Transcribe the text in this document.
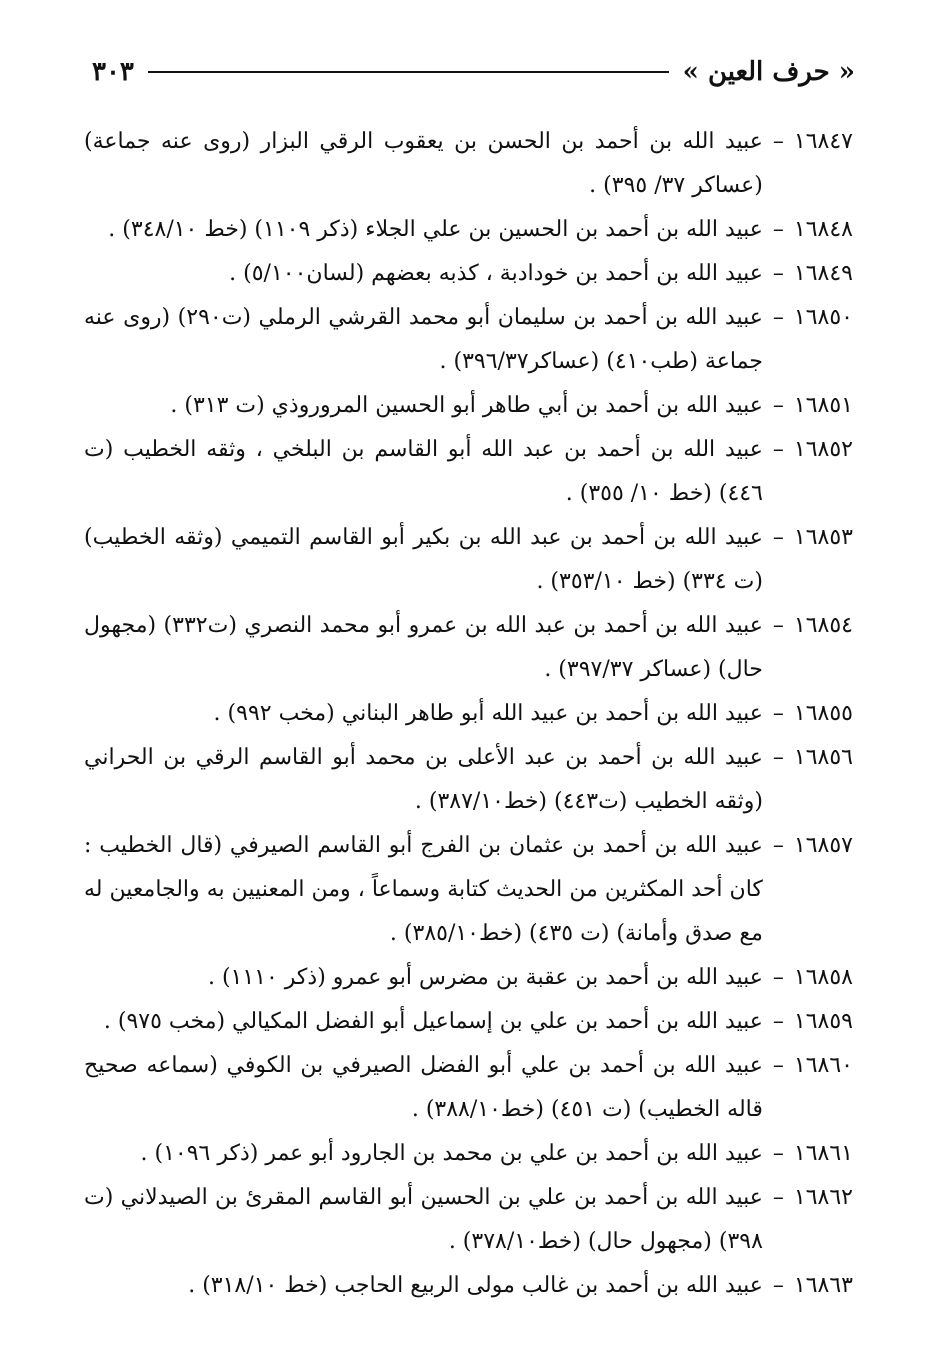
« حرف العين »
٣٠٣
١٦٨٤٧
–
عبيد الله بن أحمد بن الحسن بن يعقوب الرقي البزار (روى عنه جماعة) (عساكر ٣٧/ ٣٩٥) .
١٦٨٤٨
–
عبيد الله بن أحمد بن الحسين بن علي الجلاء (ذكر ١١٠٩) (خط ٣٤٨/١٠) .
١٦٨٤٩
–
عبيد الله بن أحمد بن خودادبة ، كذبه بعضهم (لسان٥/١٠٠) .
١٦٨٥٠
–
عبيد الله بن أحمد بن سليمان أبو محمد القرشي الرملي (ت٢٩٠) (روى عنه جماعة (طب٤١٠) (عساكر٣٩٦/٣٧) .
١٦٨٥١
–
عبيد الله بن أحمد بن أبي طاهر أبو الحسين المروروذي (ت ٣١٣) .
١٦٨٥٢
–
عبيد الله بن أحمد بن عبد الله أبو القاسم بن البلخي ، وثقه الخطيب (ت ٤٤٦) (خط ١٠/ ٣٥٥) .
١٦٨٥٣
–
عبيد الله بن أحمد بن عبد الله بن بكير أبو القاسم التميمي (وثقه الخطيب) (ت ٣٣٤) (خط ٣٥٣/١٠) .
١٦٨٥٤
–
عبيد الله بن أحمد بن عبد الله بن عمرو أبو محمد النصري (ت٣٣٢) (مجهول حال) (عساكر ٣٩٧/٣٧) .
١٦٨٥٥
–
عبيد الله بن أحمد بن عبيد الله أبو طاهر البناني (مخب ٩٩٢) .
١٦٨٥٦
–
عبيد الله بن أحمد بن عبد الأعلى بن محمد أبو القاسم الرقي بن الحراني (وثقه الخطيب (ت٤٤٣) (خط٣٨٧/١٠) .
١٦٨٥٧
–
عبيد الله بن أحمد بن عثمان بن الفرج أبو القاسم الصيرفي (قال الخطيب : كان أحد المكثرين من الحديث كتابة وسماعاً ، ومن المعنيين به والجامعين له مع صدق وأمانة) (ت ٤٣٥) (خط٣٨٥/١٠) .
١٦٨٥٨
–
عبيد الله بن أحمد بن عقبة بن مضرس أبو عمرو (ذكر ١١١٠) .
١٦٨٥٩
–
عبيد الله بن أحمد بن علي بن إسماعيل أبو الفضل المكيالي (مخب ٩٧٥) .
١٦٨٦٠
–
عبيد الله بن أحمد بن علي أبو الفضل الصيرفي بن الكوفي (سماعه صحيح قاله الخطيب) (ت ٤٥١) (خط٣٨٨/١٠) .
١٦٨٦١
–
عبيد الله بن أحمد بن علي بن محمد بن الجارود أبو عمر (ذكر ١٠٩٦) .
١٦٨٦٢
–
عبيد الله بن أحمد بن علي بن الحسين أبو القاسم المقرئ بن الصيدلاني (ت ٣٩٨) (مجهول حال) (خط٣٧٨/١٠) .
١٦٨٦٣
–
عبيد الله بن أحمد بن غالب مولى الربيع الحاجب (خط ٣١٨/١٠) .
